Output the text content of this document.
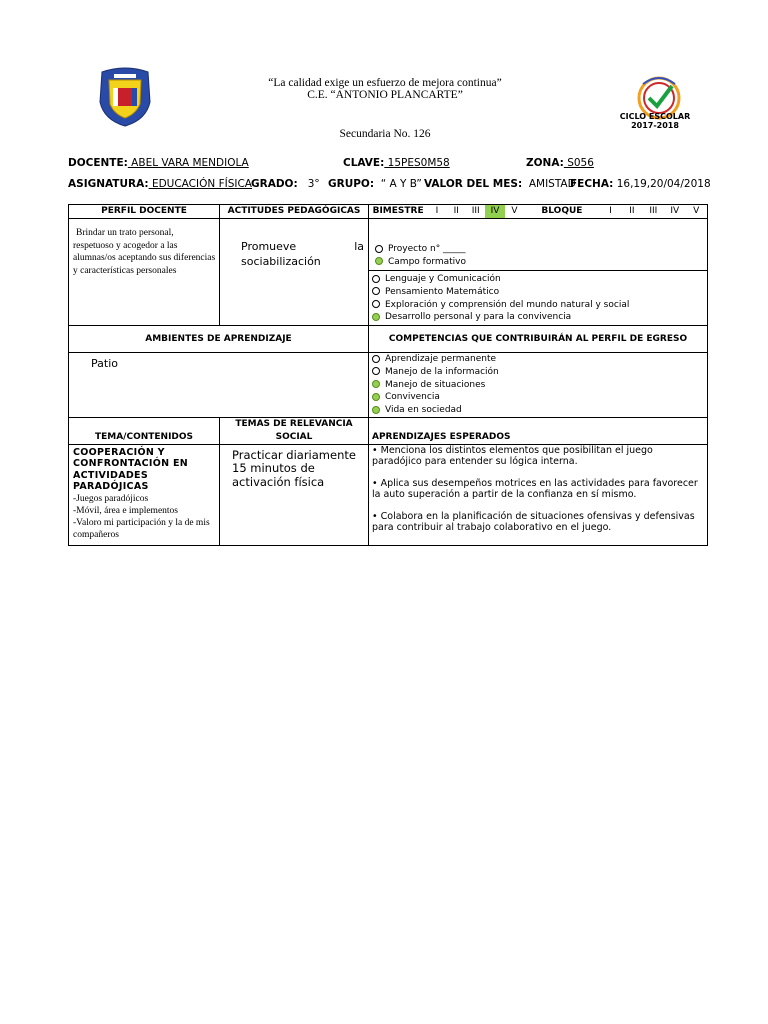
CICLO ESCOLAR
2017-2018
“La calidad exige un esfuerzo de mejora continua”
C.E. “ANTONIO PLANCARTE”
Secundaria No. 126
DOCENTE: ABEL VARA MENDIOLA	CLAVE: 15PES0M58	ZONA: S056
ASIGNATURA: EDUCACIÓN FÍSICA GRADO: 3° GRUPO: “ A Y B” VALOR DEL MES: AMISTAD
FECHA: 16,19,20/04/2018
PERFIL DOCENTE	ACTITUDES PEDAGÓGICAS	BIMESTRE	I	II	III	IV	V	BLOQUE	I	II	III	IV	V

Brindar un trato personal, respetuoso y acogedor a las alumnas/os aceptando sus diferencias y características personales

Promueve	la
sociabilización

Proyecto n° _____
Campo formativo
Lenguaje y Comunicación
Pensamiento Matemático
Exploración y comprensión del mundo natural y social
Desarrollo personal y para la convivencia

AMBIENTES DE APRENDIZAJE	COMPETENCIAS QUE CONTRIBUIRÁN AL PERFIL DE EGRESO

Patio	Aprendizaje permanente
Manejo de la información
Manejo de situaciones
Convivencia
Vida en sociedad

TEMA/CONTENIDOS	TEMAS DE RELEVANCIA SOCIAL	APRENDIZAJES ESPERADOS

COOPERACIÓN Y CONFRONTACIÓN EN ACTIVIDADES PARADÓJICAS
-Juegos paradójicos
-Móvil, área e implementos
-Valoro mi participación y la de mis compañeros

Practicar diariamente 15 minutos de activación física

• Menciona los distintos elementos que posibilitan el juego paradójico para entender su lógica interna.
• Aplica sus desempeños motrices en las actividades para favorecer la auto superación a partir de la confianza en sí mismo.
• Colabora en la planificación de situaciones ofensivas y defensivas para contribuir al trabajo colaborativo en el juego.
